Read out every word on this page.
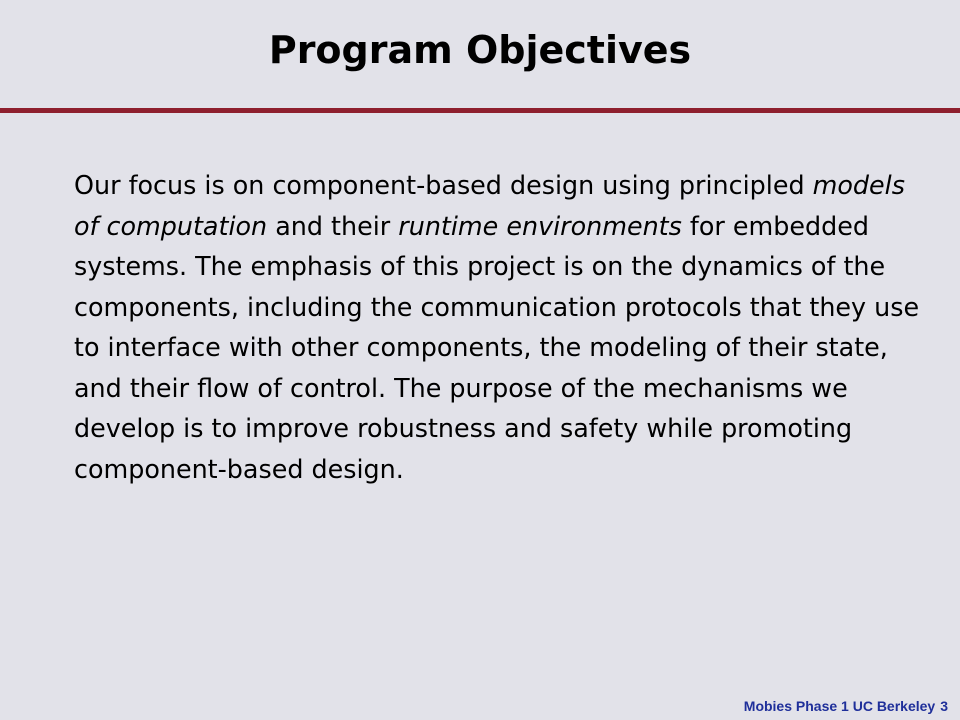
Program Objectives

Our focus is on component-based design using principled models of computation and their runtime environments for embedded systems. The emphasis of this project is on the dynamics of the components, including the communication protocols that they use to interface with other components, the modeling of their state, and their flow of control. The purpose of the mechanisms we develop is to improve robustness and safety while promoting component-based design.

Mobies Phase 1 UC Berkeley 3
